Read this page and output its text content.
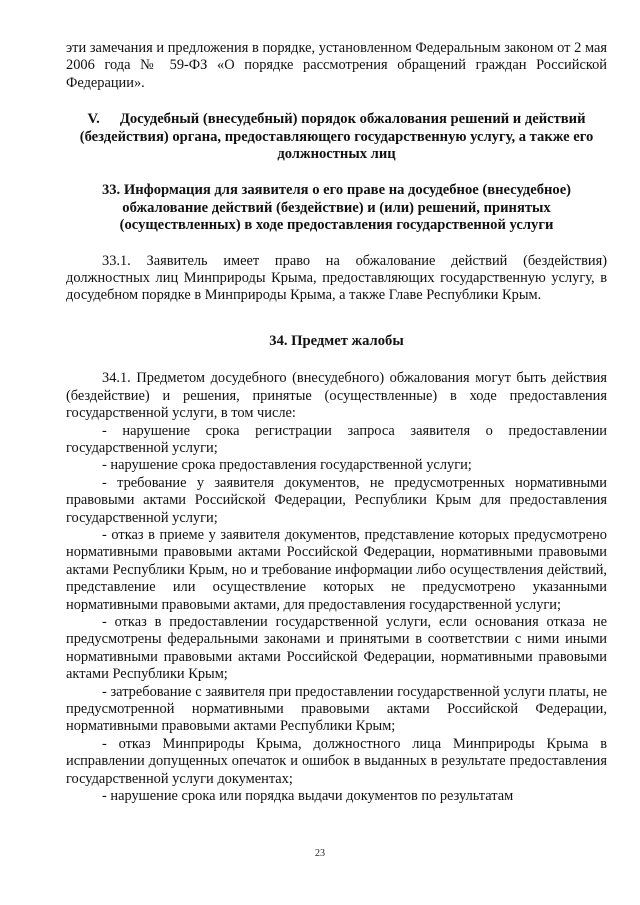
эти замечания и предложения в порядке, установленном Федеральным законом от 2 мая 2006 года № 59-ФЗ «О порядке рассмотрения обращений граждан Российской Федерации».

V. Досудебный (внесудебный) порядок обжалования решений и действий (бездействия) органа, предоставляющего государственную услугу, а также его должностных лиц
33. Информация для заявителя о его праве на досудебное (внесудебное) обжалование действий (бездействие) и (или) решений, принятых (осуществленных) в ходе предоставления государственной услуги

33.1. Заявитель имеет право на обжалование действий (бездействия) должностных лиц Минприроды Крыма, предоставляющих государственную услугу, в досудебном порядке в Минприроды Крыма, а также Главе Республики Крым.

34. Предмет жалобы

34.1. Предметом досудебного (внесудебного) обжалования могут быть действия (бездействие) и решения, принятые (осуществленные) в ходе предоставления государственной услуги, в том числе:

- нарушение срока регистрации запроса заявителя о предоставлении государственной услуги;

- нарушение срока предоставления государственной услуги;

- требование у заявителя документов, не предусмотренных нормативными правовыми актами Российской Федерации, Республики Крым для предоставления государственной услуги;

- отказ в приеме у заявителя документов, представление которых предусмотрено нормативными правовыми актами Российской Федерации, нормативными правовыми актами Республики Крым, но и требование информации либо осуществления действий, представление или осуществление которых не предусмотрено указанными нормативными правовыми актами, для предоставления государственной услуги;

- отказ в предоставлении государственной услуги, если основания отказа не предусмотрены федеральными законами и принятыми в соответствии с ними иными нормативными правовыми актами Российской Федерации, нормативными правовыми актами Республики Крым;

- затребование с заявителя при предоставлении государственной услуги платы, не предусмотренной нормативными правовыми актами Российской Федерации, нормативными правовыми актами Республики Крым;

- отказ Минприроды Крыма, должностного лица Минприроды Крыма в исправлении допущенных опечаток и ошибок в выданных в результате предоставления государственной услуги документах;

- нарушение срока или порядка выдачи документов по результатам

23
